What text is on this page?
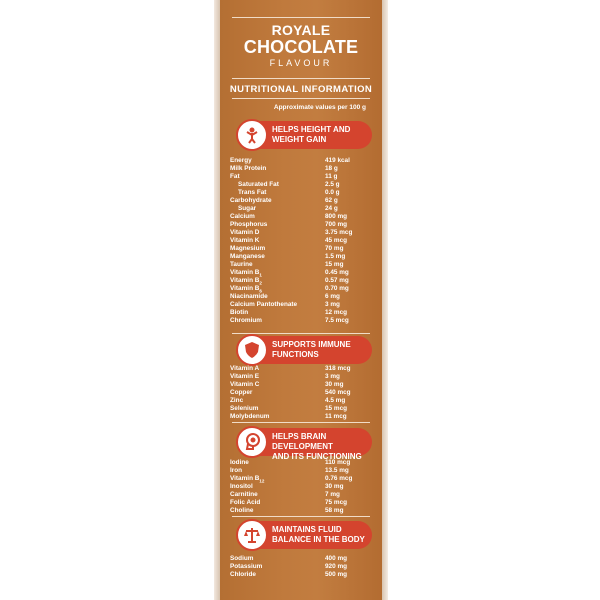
ROYALE
CHOCOLATE
FLAVOUR
NUTRITIONAL INFORMATION
Approximate values per 100 g
HELPS HEIGHT AND
WEIGHT GAIN
Energy	419 kcal
Milk Protein	18 g
Fat	11 g
Saturated Fat	2.5 g
Trans Fat	0.0 g
Carbohydrate	62 g
Sugar	24 g
Calcium	800 mg
Phosphorus	700 mg
Vitamin D	3.75 mcg
Vitamin K	45 mcg
Magnesium	70 mg
Manganese	1.5 mg
Taurine	15 mg
Vitamin $B_1$	0.45 mg
Vitamin $B_2$	0.57 mg
Vitamin $B_6$	0.70 mg
Niacinamide	6 mg
Calcium Pantothenate	3 mg
Biotin	12 mcg
Chromium	7.5 mcg
SUPPORTS IMMUNE
FUNCTIONS
Vitamin A	318 mcg
Vitamin E	3 mg
Vitamin C	30 mg
Copper	540 mcg
Zinc	4.5 mg
Selenium	15 mcg
Molybdenum	11 mcg
HELPS BRAIN DEVELOPMENT
AND ITS FUNCTIONING
Iodine	110 mcg
Iron	13.5 mg
Vitamin $B_{12}$	0.76 mcg
Inositol	30 mg
Carnitine	7 mg
Folic Acid	75 mcg
Choline	58 mg
MAINTAINS FLUID
BALANCE IN THE BODY
Sodium	400 mg
Potassium	920 mg
Chloride	500 mg
